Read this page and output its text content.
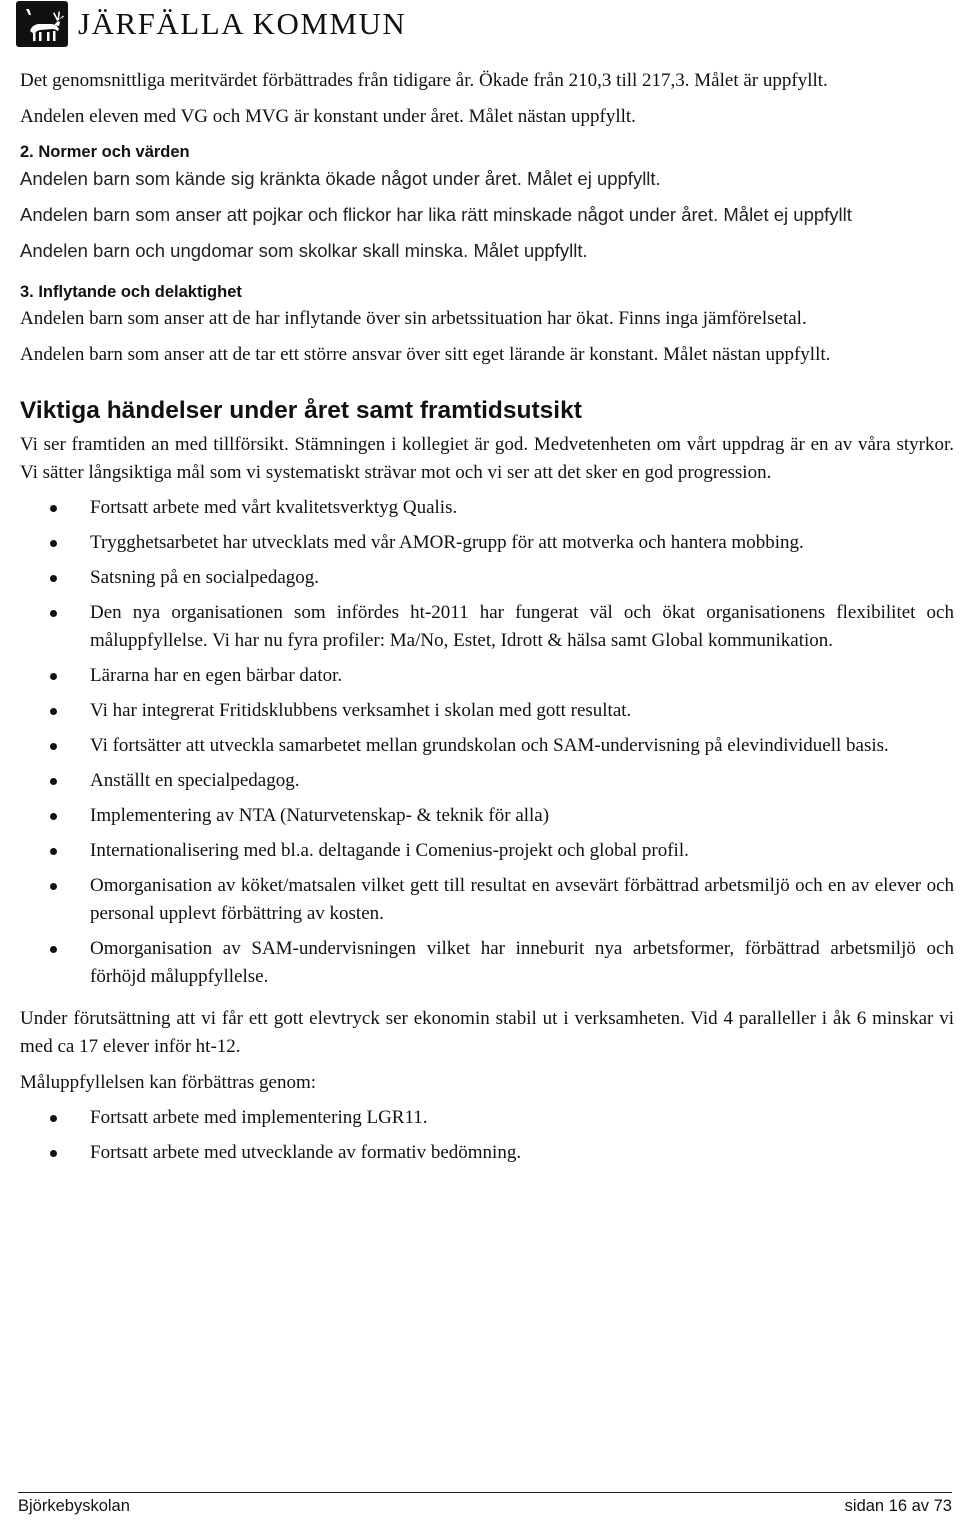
JÄRFÄLLA KOMMUN

Det genomsnittliga meritvärdet förbättrades från tidigare år. Ökade från 210,3 till 217,3. Målet är uppfyllt.

Andelen eleven med VG och MVG är konstant under året. Målet nästan uppfyllt.

2. Normer och värden

Andelen barn som kände sig kränkta ökade något under året. Målet ej uppfyllt.

Andelen barn som anser att pojkar och flickor har lika rätt minskade något under året. Målet ej uppfyllt

Andelen barn och ungdomar som skolkar skall minska. Målet uppfyllt.

3. Inflytande och delaktighet

Andelen barn som anser att de har inflytande över sin arbetssituation har ökat. Finns inga jämförelsetal.

Andelen barn som anser att de tar ett större ansvar över sitt eget lärande är konstant. Målet nästan uppfyllt.

Viktiga händelser under året samt framtidsutsikt

Vi ser framtiden an med tillförsikt. Stämningen i kollegiet är god. Medvetenheten om vårt uppdrag är en av våra styrkor. Vi sätter långsiktiga mål som vi systematiskt strävar mot och vi ser att det sker en god progression.

Fortsatt arbete med vårt kvalitetsverktyg Qualis.
Trygghetsarbetet har utvecklats med vår AMOR-grupp för att motverka och hantera mobbing.
Satsning på en socialpedagog.
Den nya organisationen som infördes ht-2011 har fungerat väl och ökat organisationens flexibilitet och måluppfyllelse. Vi har nu fyra profiler: Ma/No, Estet, Idrott & hälsa samt Global kommunikation.
Lärarna har en egen bärbar dator.
Vi har integrerat Fritidsklubbens verksamhet i skolan med gott resultat.
Vi fortsätter att utveckla samarbetet mellan grundskolan och SAM-undervisning på elevindividuell basis.
Anställt en specialpedagog.
Implementering av NTA (Naturvetenskap- & teknik för alla)
Internationalisering med bl.a. deltagande i Comenius-projekt och global profil.
Omorganisation av köket/matsalen vilket gett till resultat en avsevärt förbättrad arbetsmiljö och en av elever och personal upplevt förbättring av kosten.
Omorganisation av SAM-undervisningen vilket har inneburit nya arbetsformer, förbättrad arbetsmiljö och förhöjd måluppfyllelse.

Under förutsättning att vi får ett gott elevtryck ser ekonomin stabil ut i verksamheten. Vid 4 paralleller i åk 6 minskar vi med ca 17 elever inför ht-12.

Måluppfyllelsen kan förbättras genom:

Fortsatt arbete med implementering LGR11.
Fortsatt arbete med utvecklande av formativ bedömning.
Björkebyskolan	sidan 16 av 73
